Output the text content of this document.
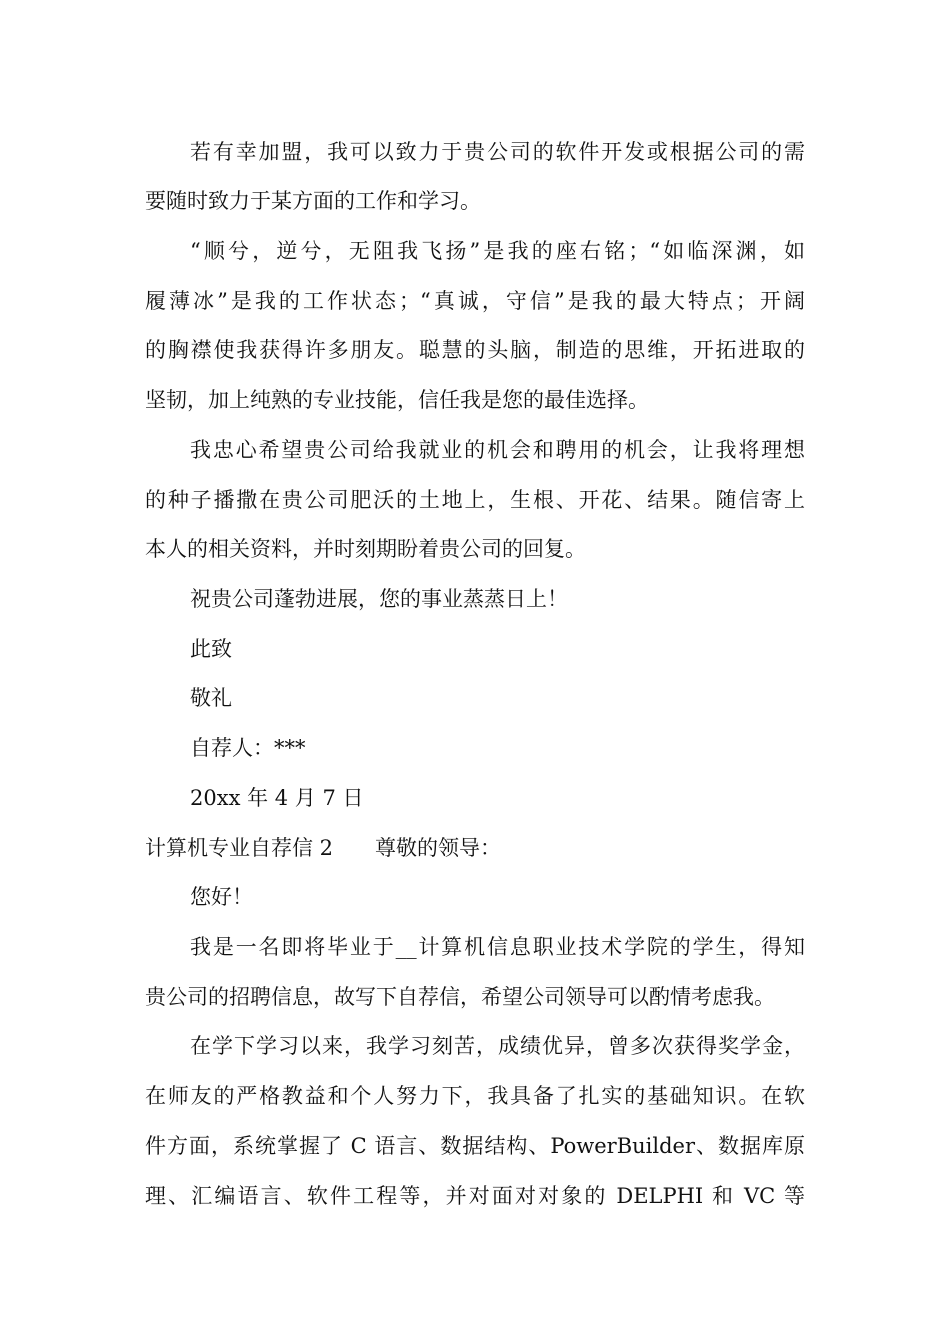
若有幸加盟，我可以致力于贵公司的软件开发或根据公司的需
要随时致力于某方面的工作和学习。
“顺兮，逆兮，无阻我飞扬”是我的座右铭；“如临深渊，如
履薄冰”是我的工作状态；“真诚，守信”是我的最大特点；开阔
的胸襟使我获得许多朋友。聪慧的头脑，制造的思维，开拓进取的
坚韧，加上纯熟的专业技能，信任我是您的最佳选择。
我忠心希望贵公司给我就业的机会和聘用的机会，让我将理想
的种子播撒在贵公司肥沃的土地上，生根、开花、结果。随信寄上
本人的相关资料，并时刻期盼着贵公司的回复。
祝贵公司蓬勃进展，您的事业蒸蒸日上！
此致
敬礼
自荐人：***
20xx 年 4 月 7 日
计算机专业自荐信 2 尊敬的领导：
您好！
我是一名即将毕业于__计算机信息职业技术学院的学生，得知
贵公司的招聘信息，故写下自荐信，希望公司领导可以酌情考虑我。
在学下学习以来，我学习刻苦，成绩优异，曾多次获得奖学金，
在师友的严格教益和个人努力下，我具备了扎实的基础知识。在软
件方面，系统掌握了 C 语言、数据结构、PowerBuilder、数据库原
理、汇编语言、软件工程等，并对面对对象的 DELPHI 和 VC 等
